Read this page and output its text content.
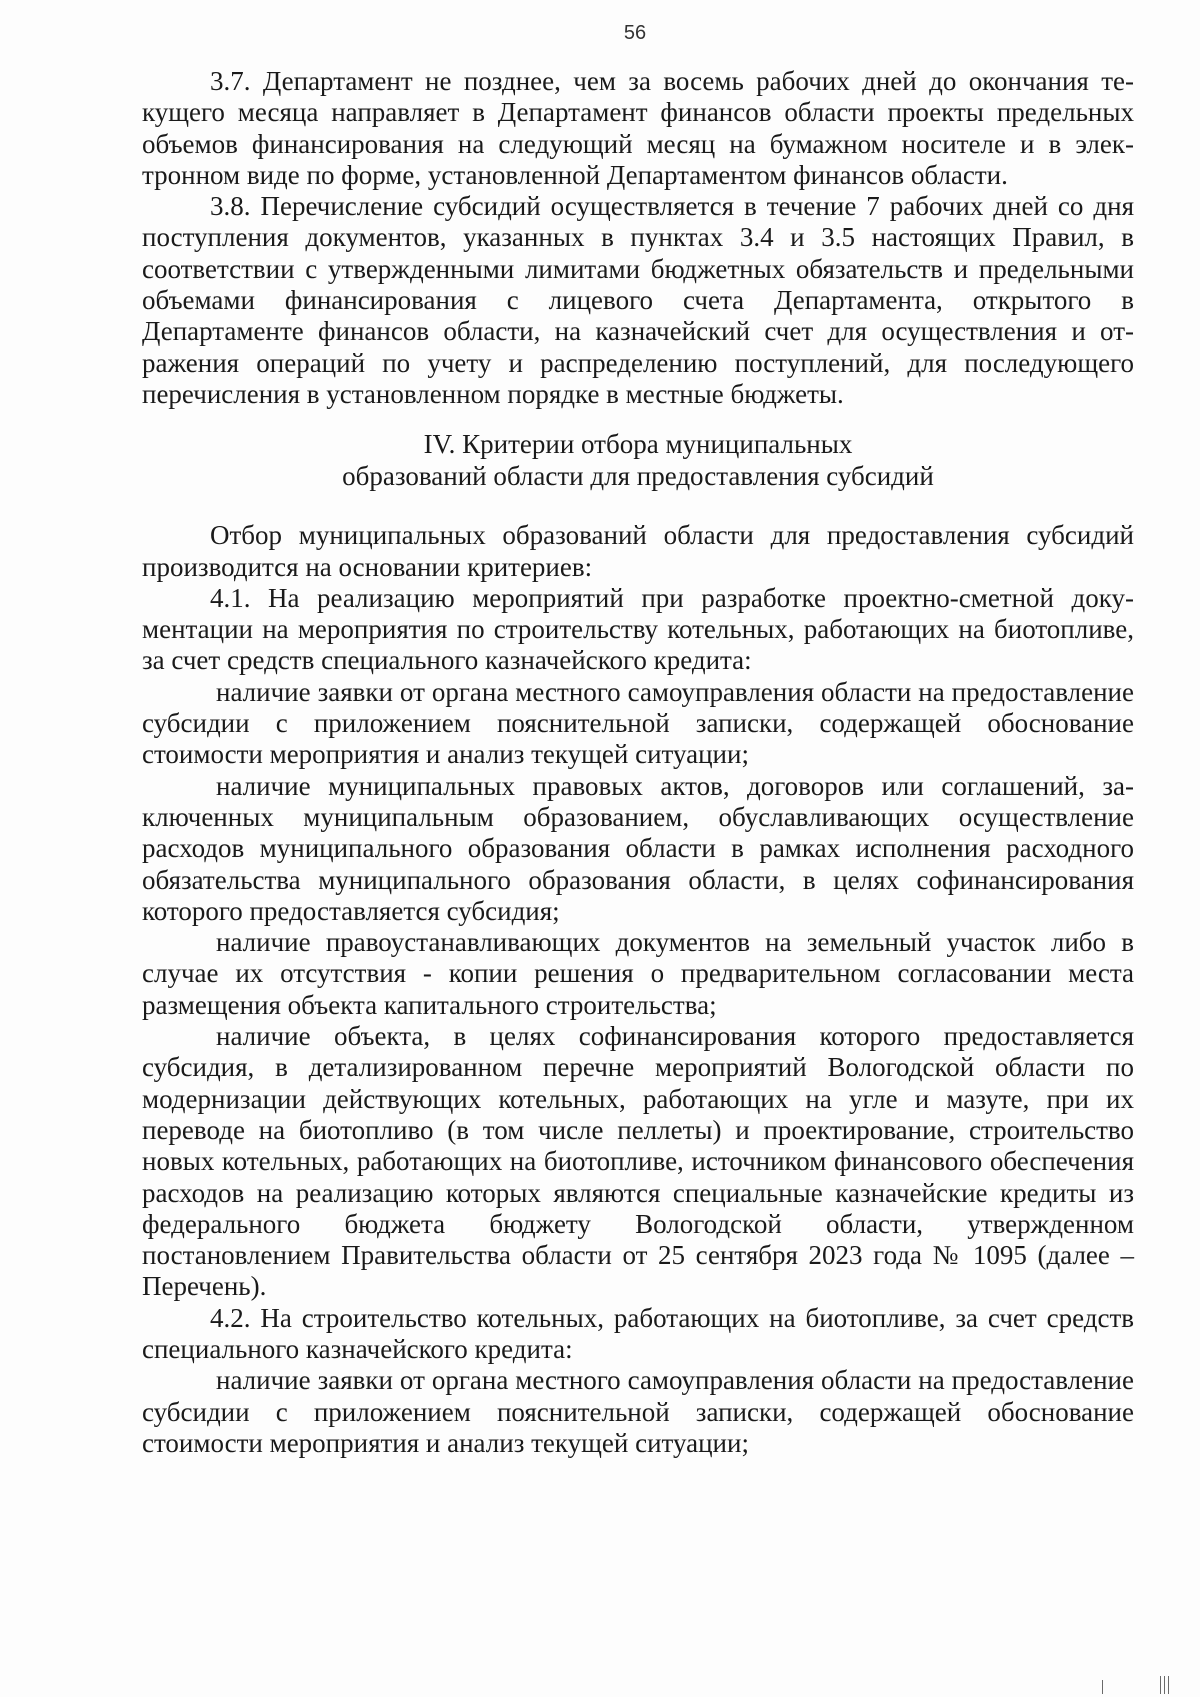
56

3.7. Департамент не позднее, чем за восемь рабочих дней до окончания текущего месяца направляет в Департамент финансов области проекты предельных объемов финансирования на следующий месяц на бумажном носителе и в электронном виде по форме, установленной Департаментом финансов области.

3.8. Перечисление субсидий осуществляется в течение 7 рабочих дней со дня поступления документов, указанных в пунктах 3.4 и 3.5 настоящих Правил, в соответствии с утвержденными лимитами бюджетных обязательств и предельными объемами финансирования с лицевого счета Департамента, открытого в Департаменте финансов области, на казначейский счет для осуществления и отражения операций по учету и распределению поступлений, для последующего перечисления в установленном порядке в местные бюджеты.

IV. Критерии отбора муниципальных
образований области для предоставления субсидий

Отбор муниципальных образований области для предоставления субсидий производится на основании критериев:

4.1. На реализацию мероприятий при разработке проектно-сметной документации на мероприятия по строительству котельных, работающих на биотопливе, за счет средств специального казначейского кредита:

наличие заявки от органа местного самоуправления области на предоставление субсидии с приложением пояснительной записки, содержащей обоснование стоимости мероприятия и анализ текущей ситуации;

наличие муниципальных правовых актов, договоров или соглашений, заключенных муниципальным образованием, обуславливающих осуществление расходов муниципального образования области в рамках исполнения расходного обязательства муниципального образования области, в целях софинансирования которого предоставляется субсидия;

наличие правоустанавливающих документов на земельный участок либо в случае их отсутствия - копии решения о предварительном согласовании места размещения объекта капитального строительства;

наличие объекта, в целях софинансирования которого предоставляется субсидия, в детализированном перечне мероприятий Вологодской области по модернизации действующих котельных, работающих на угле и мазуте, при их переводе на биотопливо (в том числе пеллеты) и проектирование, строительство новых котельных, работающих на биотопливе, источником финансового обеспечения расходов на реализацию которых являются специальные казначейские кредиты из федерального бюджета бюджету Вологодской области, утвержденном постановлением Правительства области от 25 сентября 2023 года № 1095 (далее – Перечень).

4.2. На строительство котельных, работающих на биотопливе, за счет средств специального казначейского кредита:

наличие заявки от органа местного самоуправления области на предоставление субсидии с приложением пояснительной записки, содержащей обоснование стоимости мероприятия и анализ текущей ситуации;
